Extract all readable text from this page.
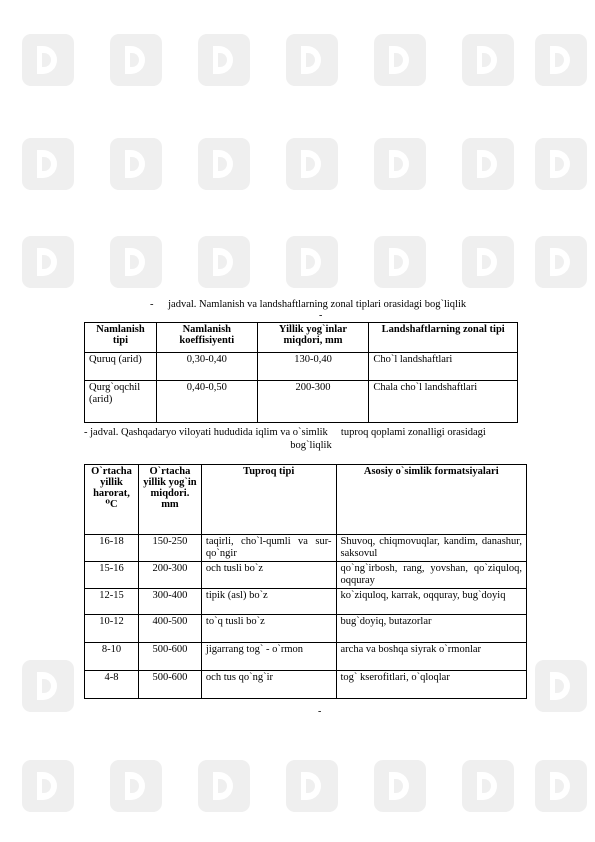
- jadval. Namlanish va landshaftlarning zonal tiplari orasidagi bog`liqlik
-
Namlanish tipi	Namlanish koeffisiyenti	Yillik yog`inlar miqdori, mm	Landshaftlarning zonal tipi
Quruq (arid)	0,30-0,40	130-0,40	Cho`l landshaftlari
Qurg`oqchil (arid)	0,40-0,50	200-300	Chala cho`l landshaftlari
- jadval. Qashqadaryo viloyati hududida iqlim va o`simlik     tuproq qoplami zonalligi orasidagi
bog`liqlik
O`rtacha yillik harorat, ⁰C	O`rtacha yillik yog`in miqdori. mm	Tuproq tipi	Asosiy o`simlik formatsiyalari
16-18	150-250	taqirli, cho`l-qumli va sur-qo`ngir	Shuvoq, chiqmovuqlar, kandim, danashur, saksovul
15-16	200-300	och tusli bo`z	qo`ng`irbosh, rang, yovshan, qo`ziquloq, oqquray
12-15	300-400	tipik (asl) bo`z	ko`ziquloq, karrak, oqquray, bug`doyiq
10-12	400-500	to`q tusli bo`z	bug`doyiq, butazorlar
8-10	500-600	jigarrang tog` - o`rmon	archa va boshqa siyrak o`rmonlar
4-8	500-600	och tus qo`ng`ir	tog` kserofitlari, o`qloqlar
-
